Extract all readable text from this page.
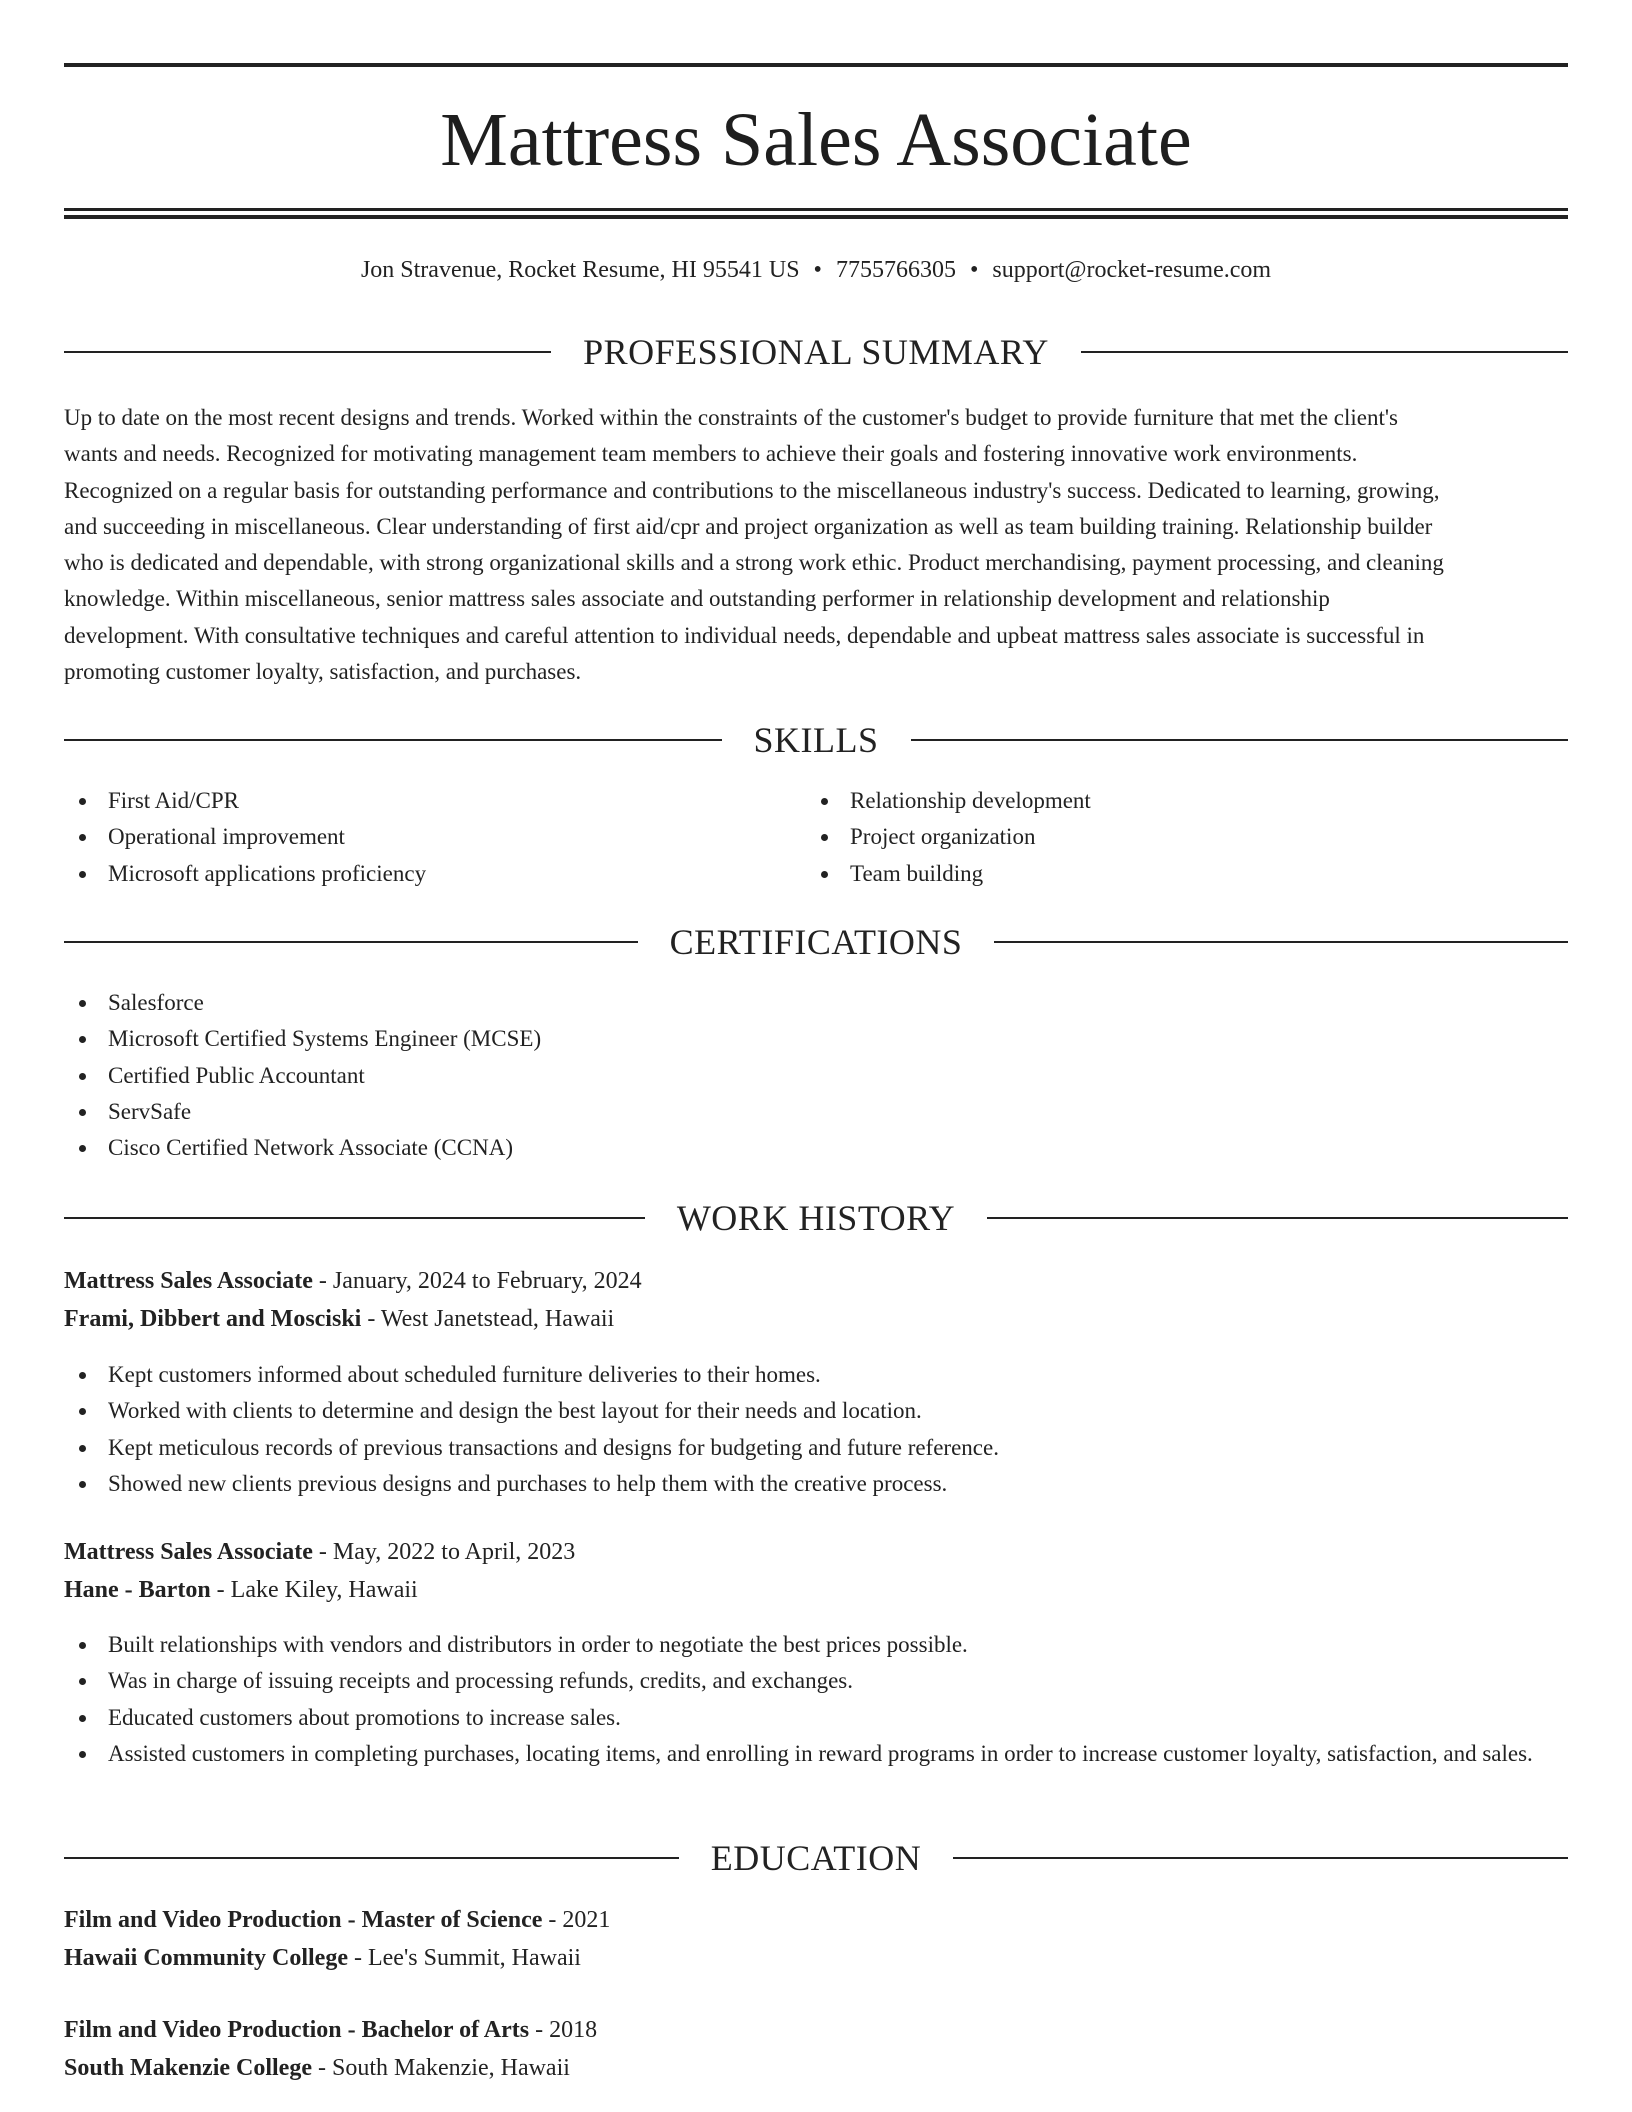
Mattress Sales Associate
Jon Stravenue, Rocket Resume, HI 95541 US • 7755766305 • support@rocket-resume.com
PROFESSIONAL SUMMARY
Up to date on the most recent designs and trends. Worked within the constraints of the customer's budget to provide furniture that met the client's
wants and needs. Recognized for motivating management team members to achieve their goals and fostering innovative work environments.
Recognized on a regular basis for outstanding performance and contributions to the miscellaneous industry's success. Dedicated to learning, growing,
and succeeding in miscellaneous. Clear understanding of first aid/cpr and project organization as well as team building training. Relationship builder
who is dedicated and dependable, with strong organizational skills and a strong work ethic. Product merchandising, payment processing, and cleaning
knowledge. Within miscellaneous, senior mattress sales associate and outstanding performer in relationship development and relationship
development. With consultative techniques and careful attention to individual needs, dependable and upbeat mattress sales associate is successful in
promoting customer loyalty, satisfaction, and purchases.
SKILLS
First Aid/CPR
Operational improvement
Microsoft applications proficiency
Relationship development
Project organization
Team building
CERTIFICATIONS
Salesforce
Microsoft Certified Systems Engineer (MCSE)
Certified Public Accountant
ServSafe
Cisco Certified Network Associate (CCNA)
WORK HISTORY
Mattress Sales Associate - January, 2024 to February, 2024
Frami, Dibbert and Mosciski - West Janetstead, Hawaii
Kept customers informed about scheduled furniture deliveries to their homes.
Worked with clients to determine and design the best layout for their needs and location.
Kept meticulous records of previous transactions and designs for budgeting and future reference.
Showed new clients previous designs and purchases to help them with the creative process.
Mattress Sales Associate - May, 2022 to April, 2023
Hane - Barton - Lake Kiley, Hawaii
Built relationships with vendors and distributors in order to negotiate the best prices possible.
Was in charge of issuing receipts and processing refunds, credits, and exchanges.
Educated customers about promotions to increase sales.
Assisted customers in completing purchases, locating items, and enrolling in reward programs in order to increase customer loyalty, satisfaction, and sales.
EDUCATION
Film and Video Production - Master of Science - 2021
Hawaii Community College - Lee's Summit, Hawaii
Film and Video Production - Bachelor of Arts - 2018
South Makenzie College - South Makenzie, Hawaii
